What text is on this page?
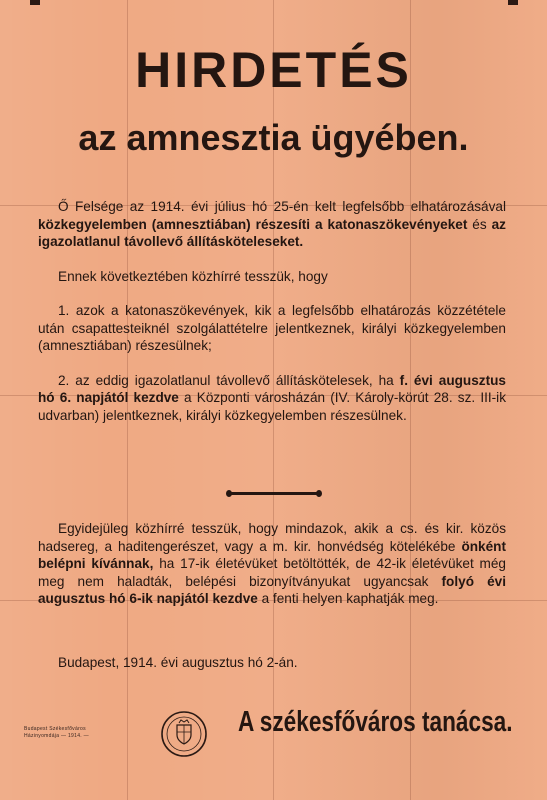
HIRDETÉS
az amnesztia ügyében.

Ő Felsége az 1914. évi július hó 25-én kelt legfelsőbb elhatározásával közkegyelemben (amnesztiában) részesíti a katonaszökevényeket és az igazolatlanul távollevő állításköteleseket.

Ennek következtében közhírré tesszük, hogy

1. azok a katonaszökevények, kik a legfelsőbb elhatározás közzététele után csapattesteiknél szolgálattételre jelentkeznek, királyi közkegyelemben (amnesztiában) részesülnek;

2. az eddig igazolatlanul távollevő állításkötelesek, ha f. évi augusztus hó 6. napjától kezdve a Központi városházán (IV. Károly-körút 28. sz. III-ik udvarban) jelentkeznek, királyi közkegyelemben részesülnek.

Egyidejüleg közhírré tesszük, hogy mindazok, akik a cs. és kir. közös hadsereg, a haditengerészet, vagy a m. kir. honvédség kötelékébe önként belépni kívánnak, ha 17-ik életévüket betöltötték, de 42-ik életévüket még meg nem haladták, belépési bizonyítványukat ugyancsak folyó évi augusztus hó 6-ik napjától kezdve a fenti helyen kaphatják meg.

Budapest, 1914. évi augusztus hó 2-án.
Budapest Székesfőváros
Házinyomdája — 1914. —	A székesfőváros tanácsa.
